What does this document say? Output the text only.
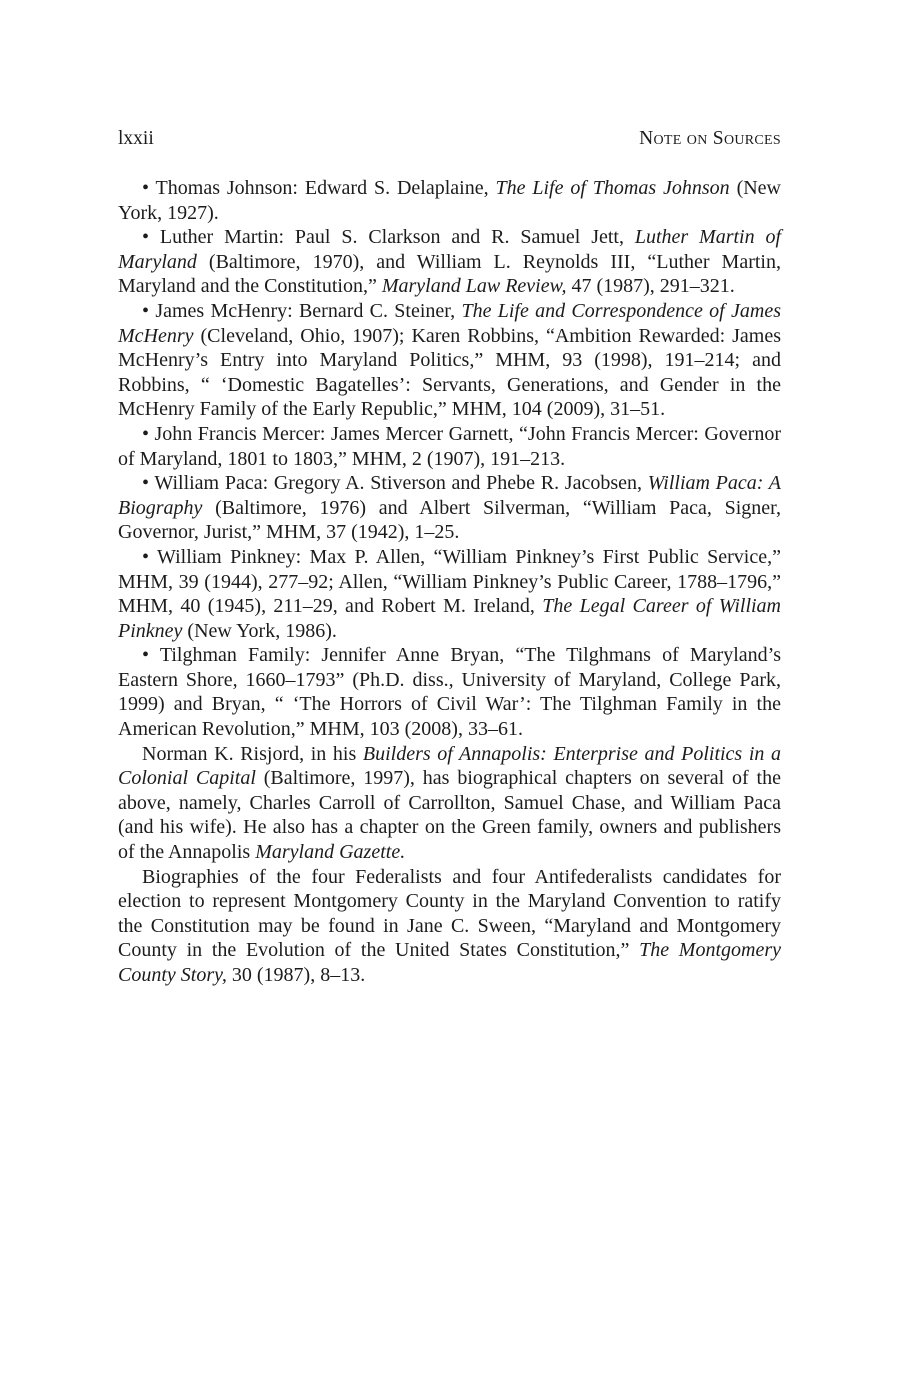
lxxii	Note on Sources

• Thomas Johnson: Edward S. Delaplaine, The Life of Thomas Johnson (New York, 1927).

• Luther Martin: Paul S. Clarkson and R. Samuel Jett, Luther Martin of Maryland (Baltimore, 1970), and William L. Reynolds III, “Luther Martin, Maryland and the Constitution,” Maryland Law Review, 47 (1987), 291–321.

• James McHenry: Bernard C. Steiner, The Life and Correspondence of James McHenry (Cleveland, Ohio, 1907); Karen Robbins, “Ambition Rewarded: James McHenry’s Entry into Maryland Politics,” MHM, 93 (1998), 191–214; and Robbins, “ ‘Domestic Bagatelles’: Servants, Generations, and Gender in the McHenry Family of the Early Republic,” MHM, 104 (2009), 31–51.

• John Francis Mercer: James Mercer Garnett, “John Francis Mercer: Governor of Maryland, 1801 to 1803,” MHM, 2 (1907), 191–213.

• William Paca: Gregory A. Stiverson and Phebe R. Jacobsen, William Paca: A Biography (Baltimore, 1976) and Albert Silverman, “William Paca, Signer, Governor, Jurist,” MHM, 37 (1942), 1–25.

• William Pinkney: Max P. Allen, “William Pinkney’s First Public Service,” MHM, 39 (1944), 277–92; Allen, “William Pinkney’s Public Career, 1788–1796,” MHM, 40 (1945), 211–29, and Robert M. Ireland, The Legal Career of William Pinkney (New York, 1986).

• Tilghman Family: Jennifer Anne Bryan, “The Tilghmans of Maryland’s Eastern Shore, 1660–1793” (Ph.D. diss., University of Maryland, College Park, 1999) and Bryan, “ ‘The Horrors of Civil War’: The Tilghman Family in the American Revolution,” MHM, 103 (2008), 33–61.

Norman K. Risjord, in his Builders of Annapolis: Enterprise and Politics in a Colonial Capital (Baltimore, 1997), has biographical chapters on several of the above, namely, Charles Carroll of Carrollton, Samuel Chase, and William Paca (and his wife). He also has a chapter on the Green family, owners and publishers of the Annapolis Maryland Gazette.

Biographies of the four Federalists and four Antifederalists candidates for election to represent Montgomery County in the Maryland Convention to ratify the Constitution may be found in Jane C. Sween, “Maryland and Montgomery County in the Evolution of the United States Constitution,” The Montgomery County Story, 30 (1987), 8–13.
